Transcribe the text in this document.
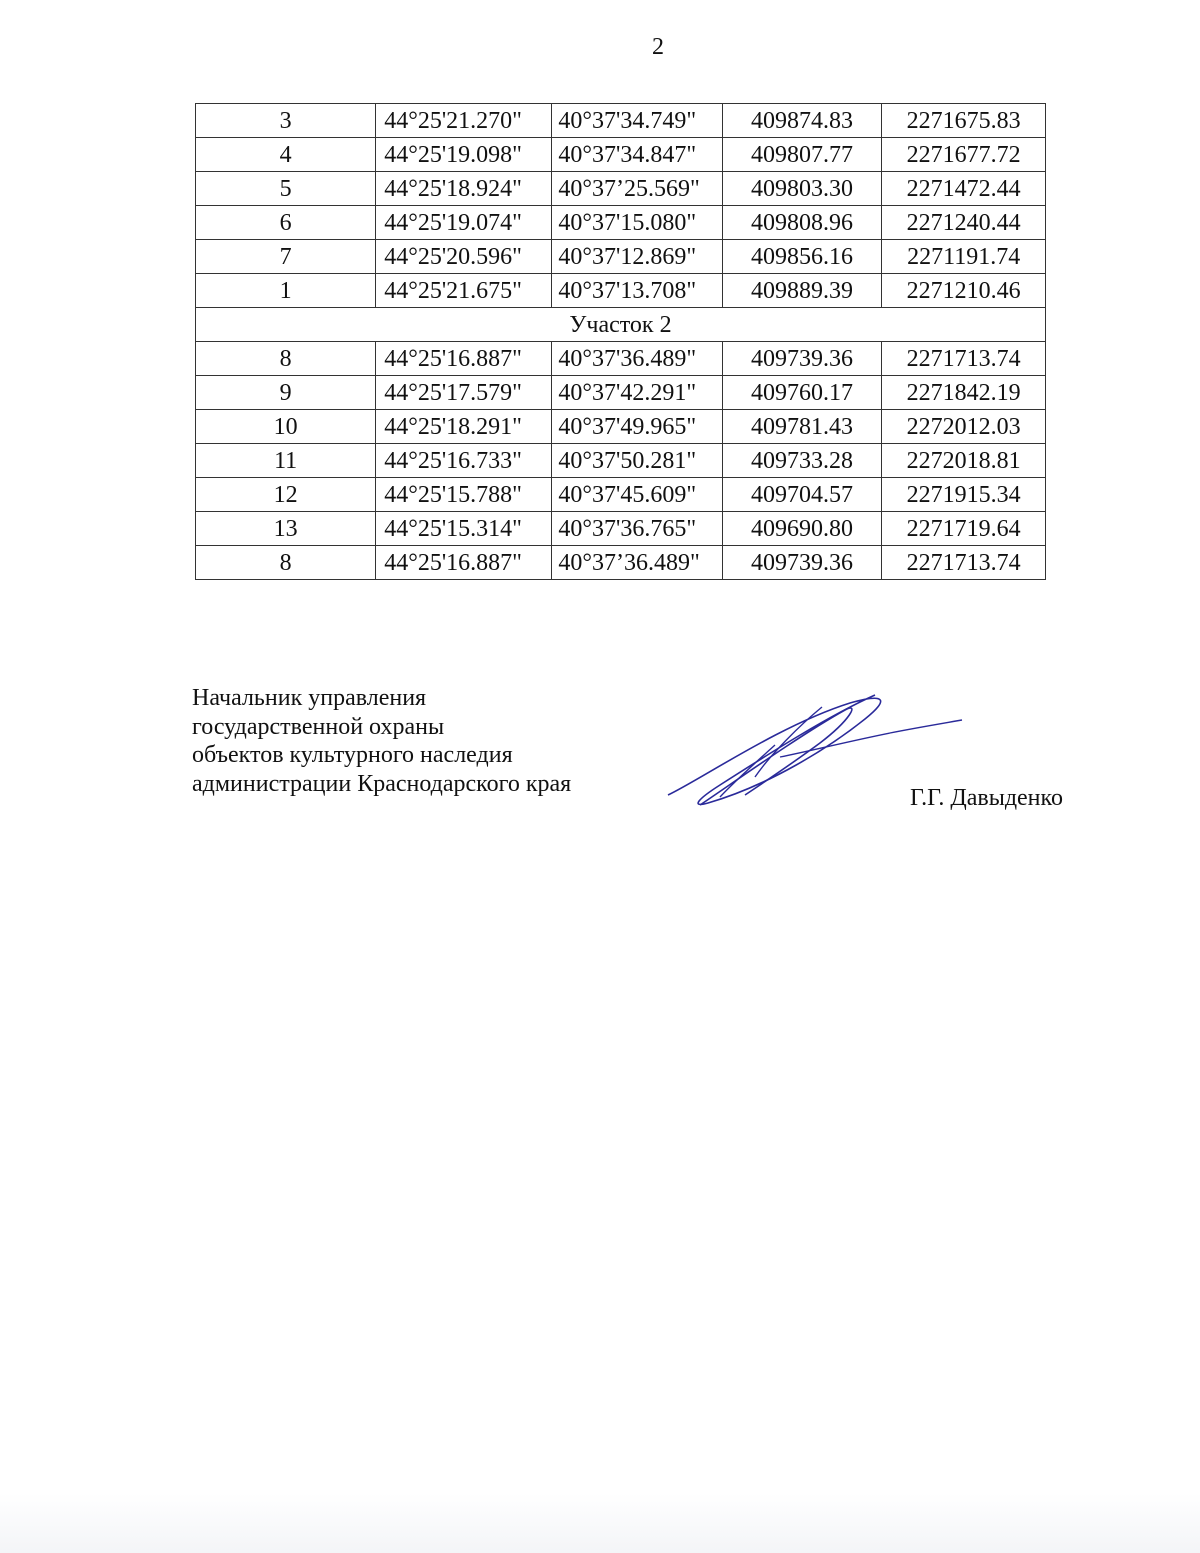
2
3	44°25'21.270"	40°37'34.749"	409874.83	2271675.83
4	44°25'19.098"	40°37'34.847"	409807.77	2271677.72
5	44°25'18.924"	40°37’25.569"	409803.30	2271472.44
6	44°25'19.074"	40°37'15.080"	409808.96	2271240.44
7	44°25'20.596"	40°37'12.869"	409856.16	2271191.74
1	44°25'21.675"	40°37'13.708"	409889.39	2271210.46
Участок 2				
8	44°25'16.887"	40°37'36.489"	409739.36	2271713.74
9	44°25'17.579"	40°37'42.291"	409760.17	2271842.19
10	44°25'18.291"	40°37'49.965"	409781.43	2272012.03
11	44°25'16.733"	40°37'50.281"	409733.28	2272018.81
12	44°25'15.788"	40°37'45.609"	409704.57	2271915.34
13	44°25'15.314"	40°37'36.765"	409690.80	2271719.64
8	44°25'16.887"	40°37’36.489"	409739.36	2271713.74
Начальник управления
государственной охраны
объектов культурного наследия
администрации Краснодарского края
Г.Г. Давыденко
